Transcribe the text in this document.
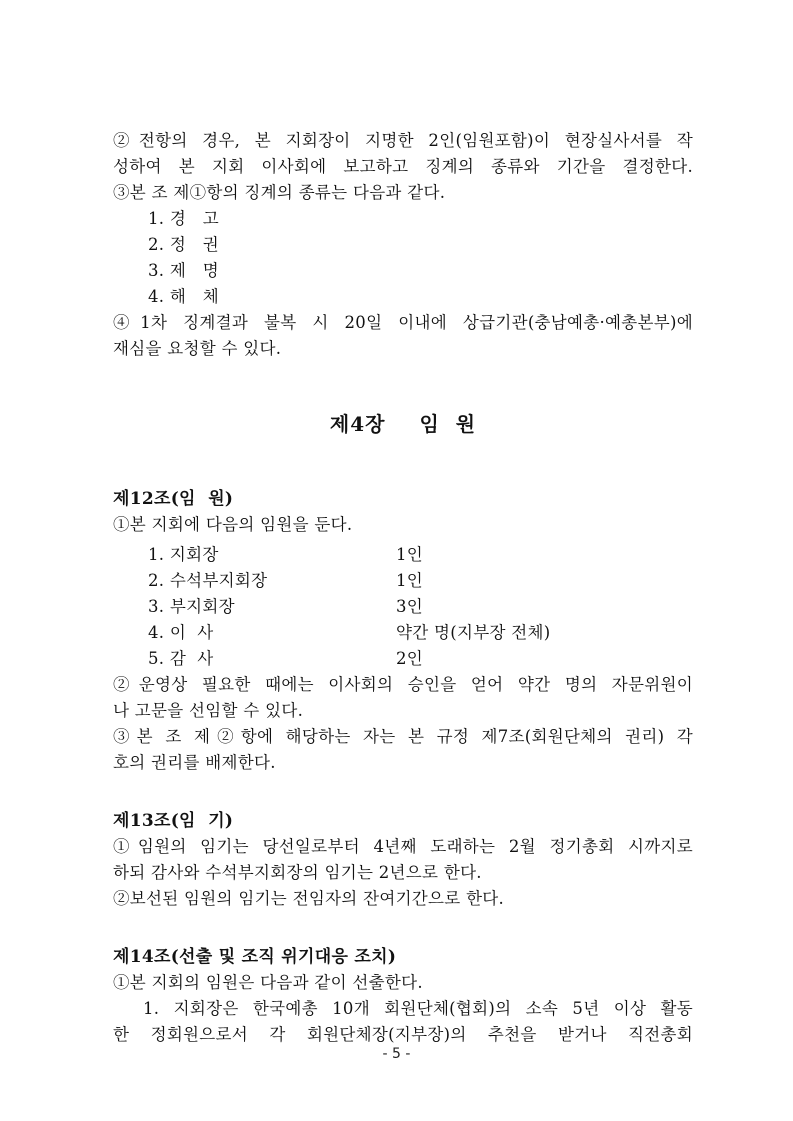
②전항의 경우, 본 지회장이 지명한 2인(임원포함)이 현장실사서를 작
성하여 본 지회 이사회에 보고하고 징계의 종류와 기간을 결정한다.
③본 조 제①항의 징계의 종류는 다음과 같다.
1. 경   고
2. 정   권
3. 제   명
4. 해   체
④1차 징계결과 불복 시 20일 이내에 상급기관(충남예총·예총본부)에
재심을 요청할 수 있다.
제4장 임  원
제12조(임  원)
①본 지회에 다음의 임원을 둔다.
1. 지회장	1인
2. 수석부지회장	1인
3. 부지회장	3인
4. 이  사	약간 명(지부장 전체)
5. 감  사	2인
②운영상 필요한 때에는 이사회의 승인을 얻어 약간 명의 자문위원이
나 고문을 선임할 수 있다.
③본 조 제②항에 해당하는 자는 본 규정 제7조(회원단체의 권리) 각
호의 권리를 배제한다.
제13조(임  기)
①임원의 임기는 당선일로부터 4년째 도래하는 2월 정기총회 시까지로
하되 감사와 수석부지회장의 임기는 2년으로 한다.
②보선된 임원의 임기는 전임자의 잔여기간으로 한다.
제14조(선출 및 조직 위기대응 조치)
①본 지회의 임원은 다음과 같이 선출한다.
1. 지회장은 한국예총 10개 회원단체(협회)의 소속 5년 이상 활동
한 정회원으로서 각 회원단체장(지부장)의 추천을 받거나 직전총회
- 5 -
